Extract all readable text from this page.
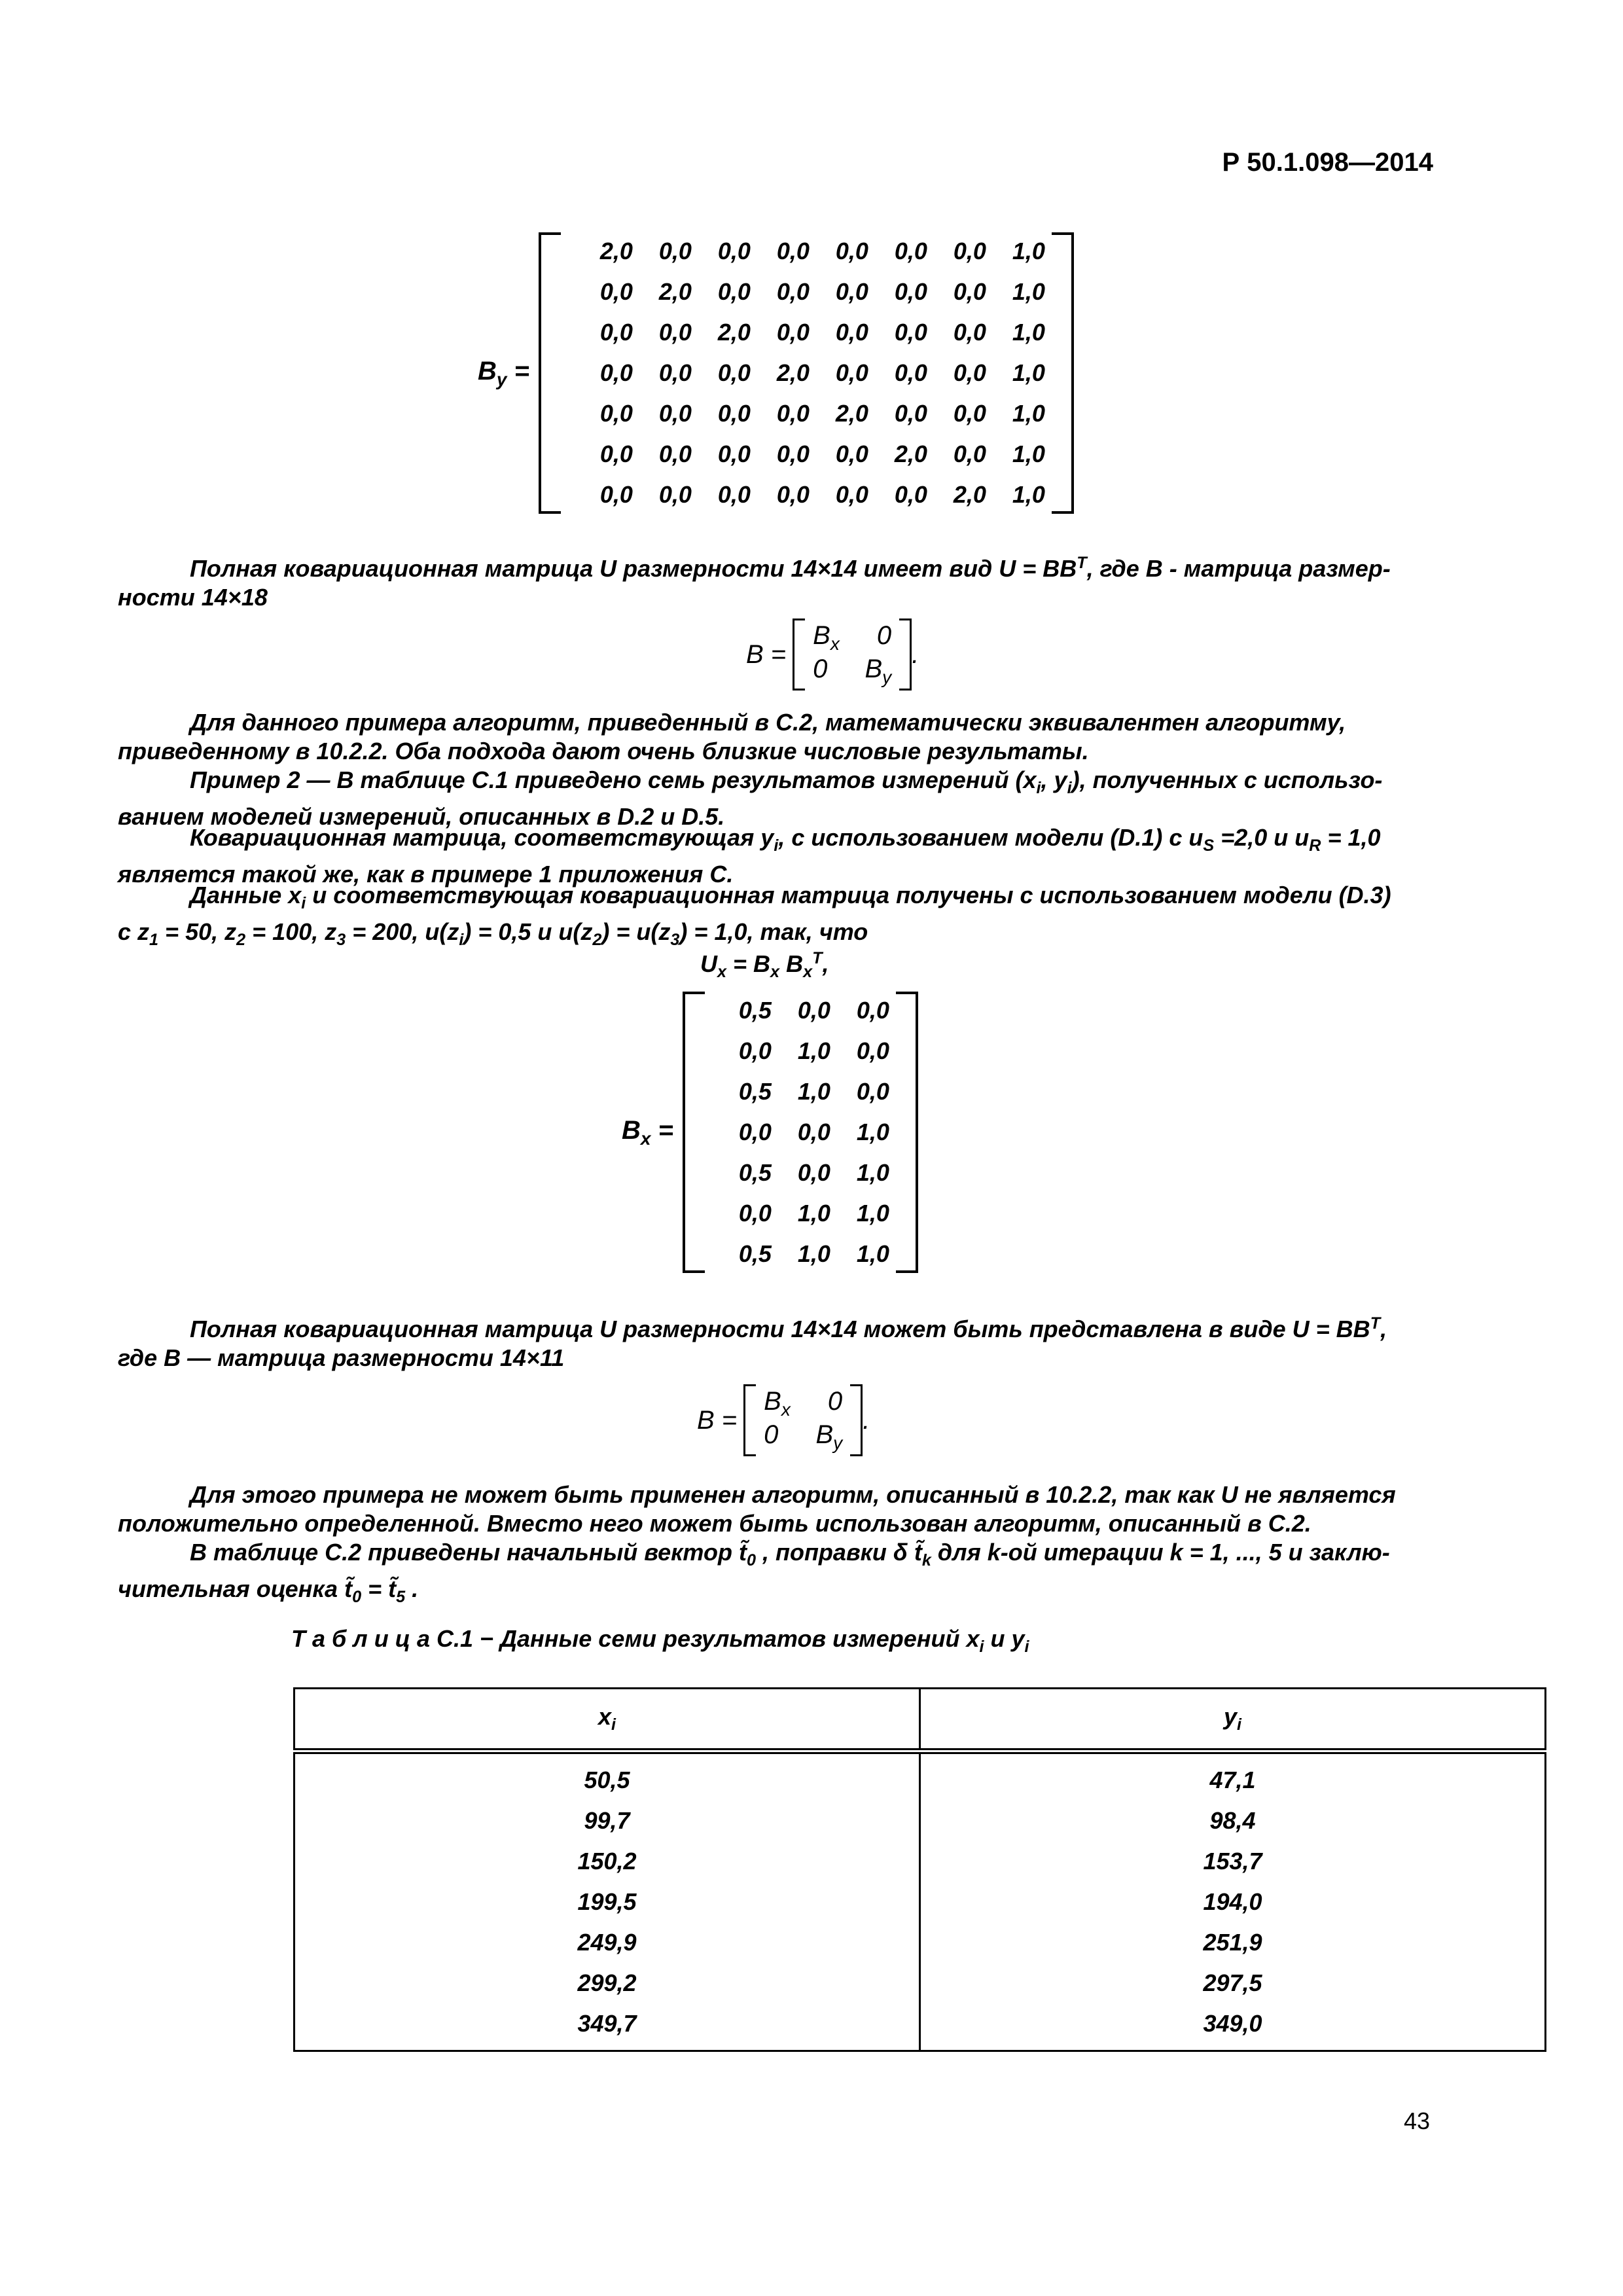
Р 50.1.098—2014
$B_y$ =
2,0	0,0	0,0	0,0	0,0	0,0	0,0	1,0
0,0	2,0	0,0	0,0	0,0	0,0	0,0	1,0
0,0	0,0	2,0	0,0	0,0	0,0	0,0	1,0
0,0	0,0	0,0	2,0	0,0	0,0	0,0	1,0
0,0	0,0	0,0	0,0	2,0	0,0	0,0	1,0
0,0	0,0	0,0	0,0	0,0	2,0	0,0	1,0
0,0	0,0	0,0	0,0	0,0	0,0	2,0	1,0
Полная ковариационная матрица U размерности 14×14 имеет вид $U = BB^T$, где B - матрица размер-
ности 14×18
B =
$B_x$	0
0	$B_y$
.
Для данного примера алгоритм, приведенный в С.2, математически эквивалентен алгоритму,
приведенному в 10.2.2. Оба подхода дают очень близкие числовые результаты.
Пример 2 — В таблице С.1 приведено семь результатов измерений ($x_i$, $y_i$), полученных с использо-
ванием моделей измерений, описанных в D.2 и D.5.
Ковариационная матрица, соответствующая $y_i$, с использованием модели (D.1) с $u_S =2,0$ и $u_R = 1,0$
является такой же, как в примере 1 приложения С.
Данные $x_i$ и соответствующая ковариационная матрица получены с использованием модели (D.3)
с $z_1 = 50$, $z_2 = 100$, $z_3 = 200$, $u(z_i) = 0,5$ и $u(z_2) = u(z_3) = 1,0$, так, что
$U_x = B_x$ $B_x^T$,
$B_x$ =
0,5	0,0	0,0
0,0	1,0	0,0
0,5	1,0	0,0
0,0	0,0	1,0
0,5	0,0	1,0
0,0	1,0	1,0
0,5	1,0	1,0
Полная ковариационная матрица U размерности 14×14 может быть представлена в виде $U = BB^T$,
где B — матрица размерности 14×11
B =
$B_x$	0
0	$B_y$
.
Для этого примера не может быть применен алгоритм, описанный в 10.2.2, так как U не является
положительно определенной. Вместо него может быть использован алгоритм, описанный в С.2.
В таблице С.2 приведены начальный вектор $t̃_0$ , поправки δ $t̃_k$ для k-ой итерации k = 1, ..., 5 и заклю-
чительная оценка $t̃_0$ = $t̃_5$ .
Т а б л и ц а С.1 − Данные семи результатов измерений $x_i$ и $y_i$
$x_i$	$y_i$
50,5	47,1
99,7	98,4
150,2	153,7
199,5	194,0
249,9	251,9
299,2	297,5
349,7	349,0
43
